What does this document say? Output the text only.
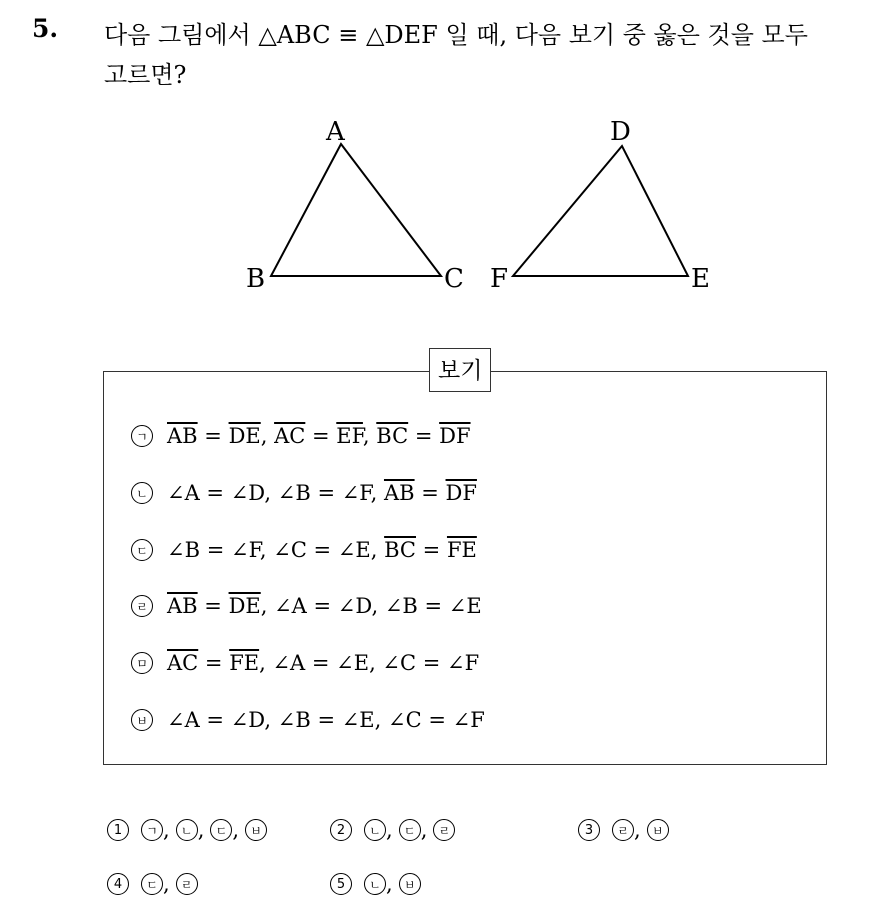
5. 다음 그림에서 △ABC ≡ △DEF 일 때, 다음 보기 중 옳은 것을 모두
고르면?
A
B	C
D
E
F
보기
ㄱ $\overline{AB} = \overline{DE}$, $\overline{AC} = \overline{EF}$, $\overline{BC} = \overline{DF}$
ㄴ ∠A = ∠D, ∠B = ∠F, $\overline{AB} = \overline{DF}$
ㄷ ∠B = ∠F, ∠C = ∠E, $\overline{BC} = \overline{FE}$
ㄹ $\overline{AB} = \overline{DE}$, ∠A = ∠D, ∠B = ∠E
ㅁ $\overline{AC} = \overline{FE}$, ∠A = ∠E, ∠C = ∠F
ㅂ ∠A = ∠D, ∠B = ∠E, ∠C = ∠F
1	ㄱ , ㄴ , ㄷ , ㅂ	2	ㄴ , ㄷ , ㄹ	3	ㄹ , ㅂ
4	ㄷ , ㄹ	5	ㄴ , ㅂ
